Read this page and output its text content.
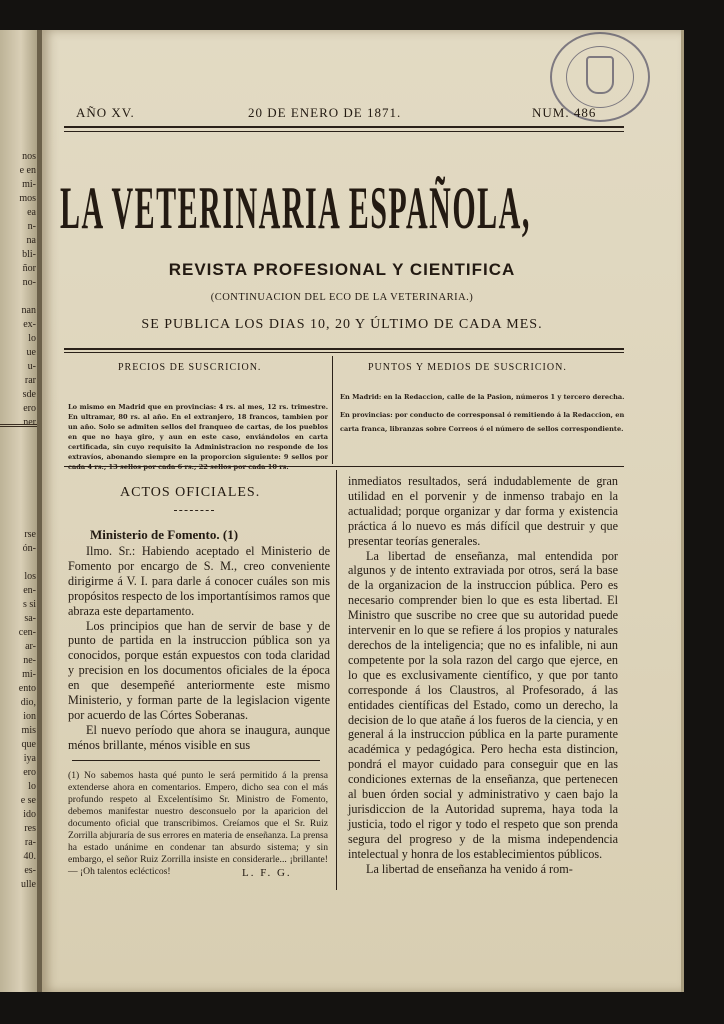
nos
e en
mi-
mos
ea
n-
na
bli-
ñor
no-

nan
ex-
lo
ue
u-
rar
sde
ero
ner

rse
ón-

los
en-
s si
sa-
cen-
ar-
ne-
mi-
ento
dio,
ion
mis
que
iya
ero
lo
e se
ido
res
ra-
40.
es-
ulle
AÑO XV.	20 DE ENERO DE 1871.	NUM. 486
LA VETERINARIA ESPAÑOLA,
REVISTA PROFESIONAL Y CIENTIFICA
(CONTINUACION DEL ECO DE LA VETERINARIA.)
SE PUBLICA LOS DIAS 10, 20 Y ÚLTIMO DE CADA MES.
PRECIOS DE SUSCRICION.	PUNTOS Y MEDIOS DE SUSCRICION.
Lo mismo en Madrid que en provincias: 4 rs. al mes, 12 rs. trimestre. En ultramar, 80 rs. al año. En el extranjero, 18 francos, tambien por un año. Solo se admiten sellos del franqueo de cartas, de los pueblos en que no haya giro, y aun en este caso, enviándolos en carta certificada, sin cuyo requisito la Administracion no responde de los extravíos, abonando siempre en la proporcion siguiente: 9 sellos por cada 4 rs.; 13 sellos por cada 6 rs.; 22 sellos por cada 10 rs.
En Madrid: en la Redaccion, calle de la Pasion, números 1 y tercero derecha.
En provincias: por conducto de corresponsal ó remitiendo á la Redaccion, en carta franca, libranzas sobre Correos ó el número de sellos correspondiente.
ACTOS OFICIALES.
Ministerio de Fomento. (1)

Ilmo. Sr.: Habiendo aceptado el Ministerio de Fomento por encargo de S. M., creo conveniente dirigirme á V. I. para darle á conocer cuáles son mis propósitos respecto de los importantísimos ramos que abraza este departamento.

Los principios que han de servir de base y de punto de partida en la instruccion pública son ya conocidos, porque están expuestos con toda claridad y precision en los documentos oficiales de la época en que desempeñé anteriormente este mismo Ministerio, y forman parte de la legislacion vigente por acuerdo de las Córtes Soberanas.

El nuevo período que ahora se inaugura, aunque ménos brillante, ménos visible en sus

(1) No sabemos hasta qué punto le será permitido á la prensa extenderse ahora en comentarios. Empero, dicho sea con el más profundo respeto al Excelentísimo Sr. Ministro de Fomento, debemos manifestar nuestro desconsuelo por la aparicion del documento oficial que transcribimos. Creíamos que el Sr. Ruiz Zorrilla abjuraría de sus errores en materia de enseñanza. La prensa ha estado unánime en condenar tan absurdo sistema; y sin embargo, el señor Ruiz Zorrilla insiste en considerarle... ¡brillante! — ¡Oh talentos eclécticos!	L. F. G.

inmediatos resultados, será indudablemente de gran utilidad en el porvenir y de inmenso trabajo en la actualidad; porque organizar y dar forma y existencia práctica á lo nuevo es más difícil que destruir y que presentar teorías generales.

La libertad de enseñanza, mal entendida por algunos y de intento extraviada por otros, será la base de la organizacion de la instruccion pública. Pero es necesario comprender bien lo que es esta libertad. El Ministro que suscribe no cree que su autoridad puede intervenir en lo que se refiere á los propios y naturales derechos de la inteligencia; que no es infalible, ni aun competente por la sola razon del cargo que ejerce, en lo que es exclusivamente científico, y que por tanto corresponde á los Claustros, al Profesorado, á las entidades científicas del Estado, como un derecho, la decision de lo que atañe á los fueros de la ciencia, y en general á la instruccion pública en la parte puramente académica y pedagógica. Pero hecha esta distincion, pondrá el mayor cuidado para conseguir que en las condiciones externas de la enseñanza, que pertenecen al buen órden social y administrativo y caen bajo la jurisdiccion de la Autoridad suprema, haya toda la justicia, todo el rigor y todo el respeto que son prenda segura del progreso y de la misma independencia intelectual y honra de los establecimientos públicos.

La libertad de enseñanza ha venido á rom-
